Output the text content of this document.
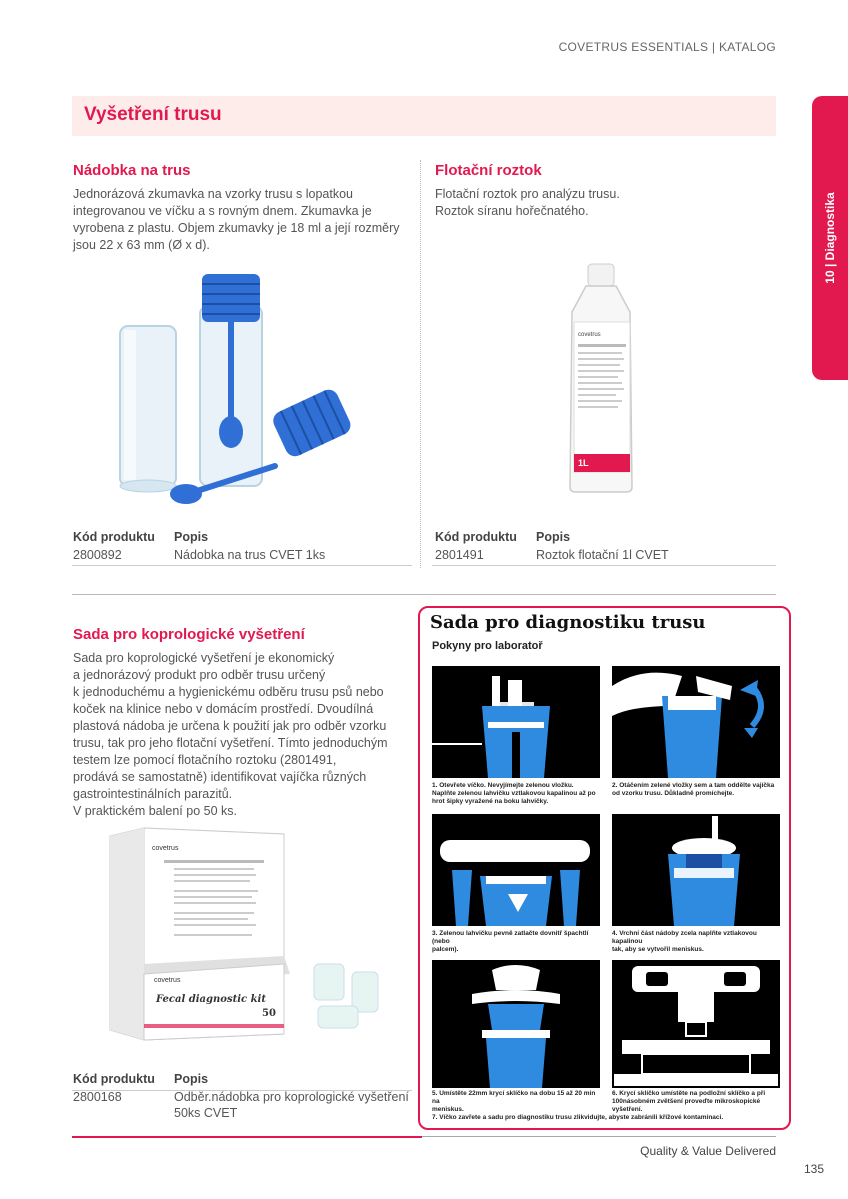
COVETRUS ESSENTIALS | KATALOG
Vyšetření trusu
10 | Diagnostika
Nádobka na trus
Jednorázová zkumavka na vzorky trusu s lopatkou
integrovanou ve víčku a s rovným dnem. Zkumavka je
vyrobena z plastu. Objem zkumavky je 18 ml a její rozměry
jsou 22 x 63 mm (Ø x d).
Kód produktu Popis
2800892	Nádobka na trus CVET 1ks
Flotační roztok
Flotační roztok pro analýzu trusu.
Roztok síranu hořečnatého.
covetrus
1L
Kód produktu Popis
2801491	Roztok flotační 1l CVET
Sada pro koprologické vyšetření
Sada pro koprologické vyšetření je ekonomický
a jednorázový produkt pro odběr trusu určený
k jednoduchému a hygienickému odběru trusu psů nebo
koček na klinice nebo v domácím prostředí. Dvoudílná
plastová nádoba je určena k použití jak pro odběr vzorku
trusu, tak pro jeho flotační vyšetření. Tímto jednoduchým
testem lze pomocí flotačního roztoku (2801491,
prodává se samostatně) identifikovat vajíčka různých
gastrointestinálních parazitů.
V praktickém balení po 50 ks.
covetrus
covetrus
Fecal diagnostic kit
50
Kód produktu Popis
2800168	Odběr.nádobka pro koprologické vyšetření
50ks CVET
Sada pro diagnostiku trusu
Pokyny pro laboratoř
1. Otevřete víčko. Nevyjímejte zelenou vložku.
Naplňte zelenou lahvičku vztlakovou kapalinou až po
hrot šipky vyražené na boku lahvičky.
2. Otáčením zelené vložky sem a tam oddělte vajíčka
od vzorku trusu. Důkladně promíchejte.
3. Zelenou lahvičku pevně zatlačte dovnitř špachtlí (nebo
palcem).
4. Vrchní část nádoby zcela naplňte vztlakovou kapalinou
tak, aby se vytvořil meniskus.
5. Umístěte 22mm krycí sklíčko na dobu 15 až 20 min na
meniskus.
6. Krycí sklíčko umístěte na podložní sklíčko a při
100násobném zvětšení proveďte mikroskopické
vyšetření.
7. Víčko zavřete a sadu pro diagnostiku trusu zlikvidujte, abyste zabránili křížové kontaminaci.
Quality & Value Delivered
135
